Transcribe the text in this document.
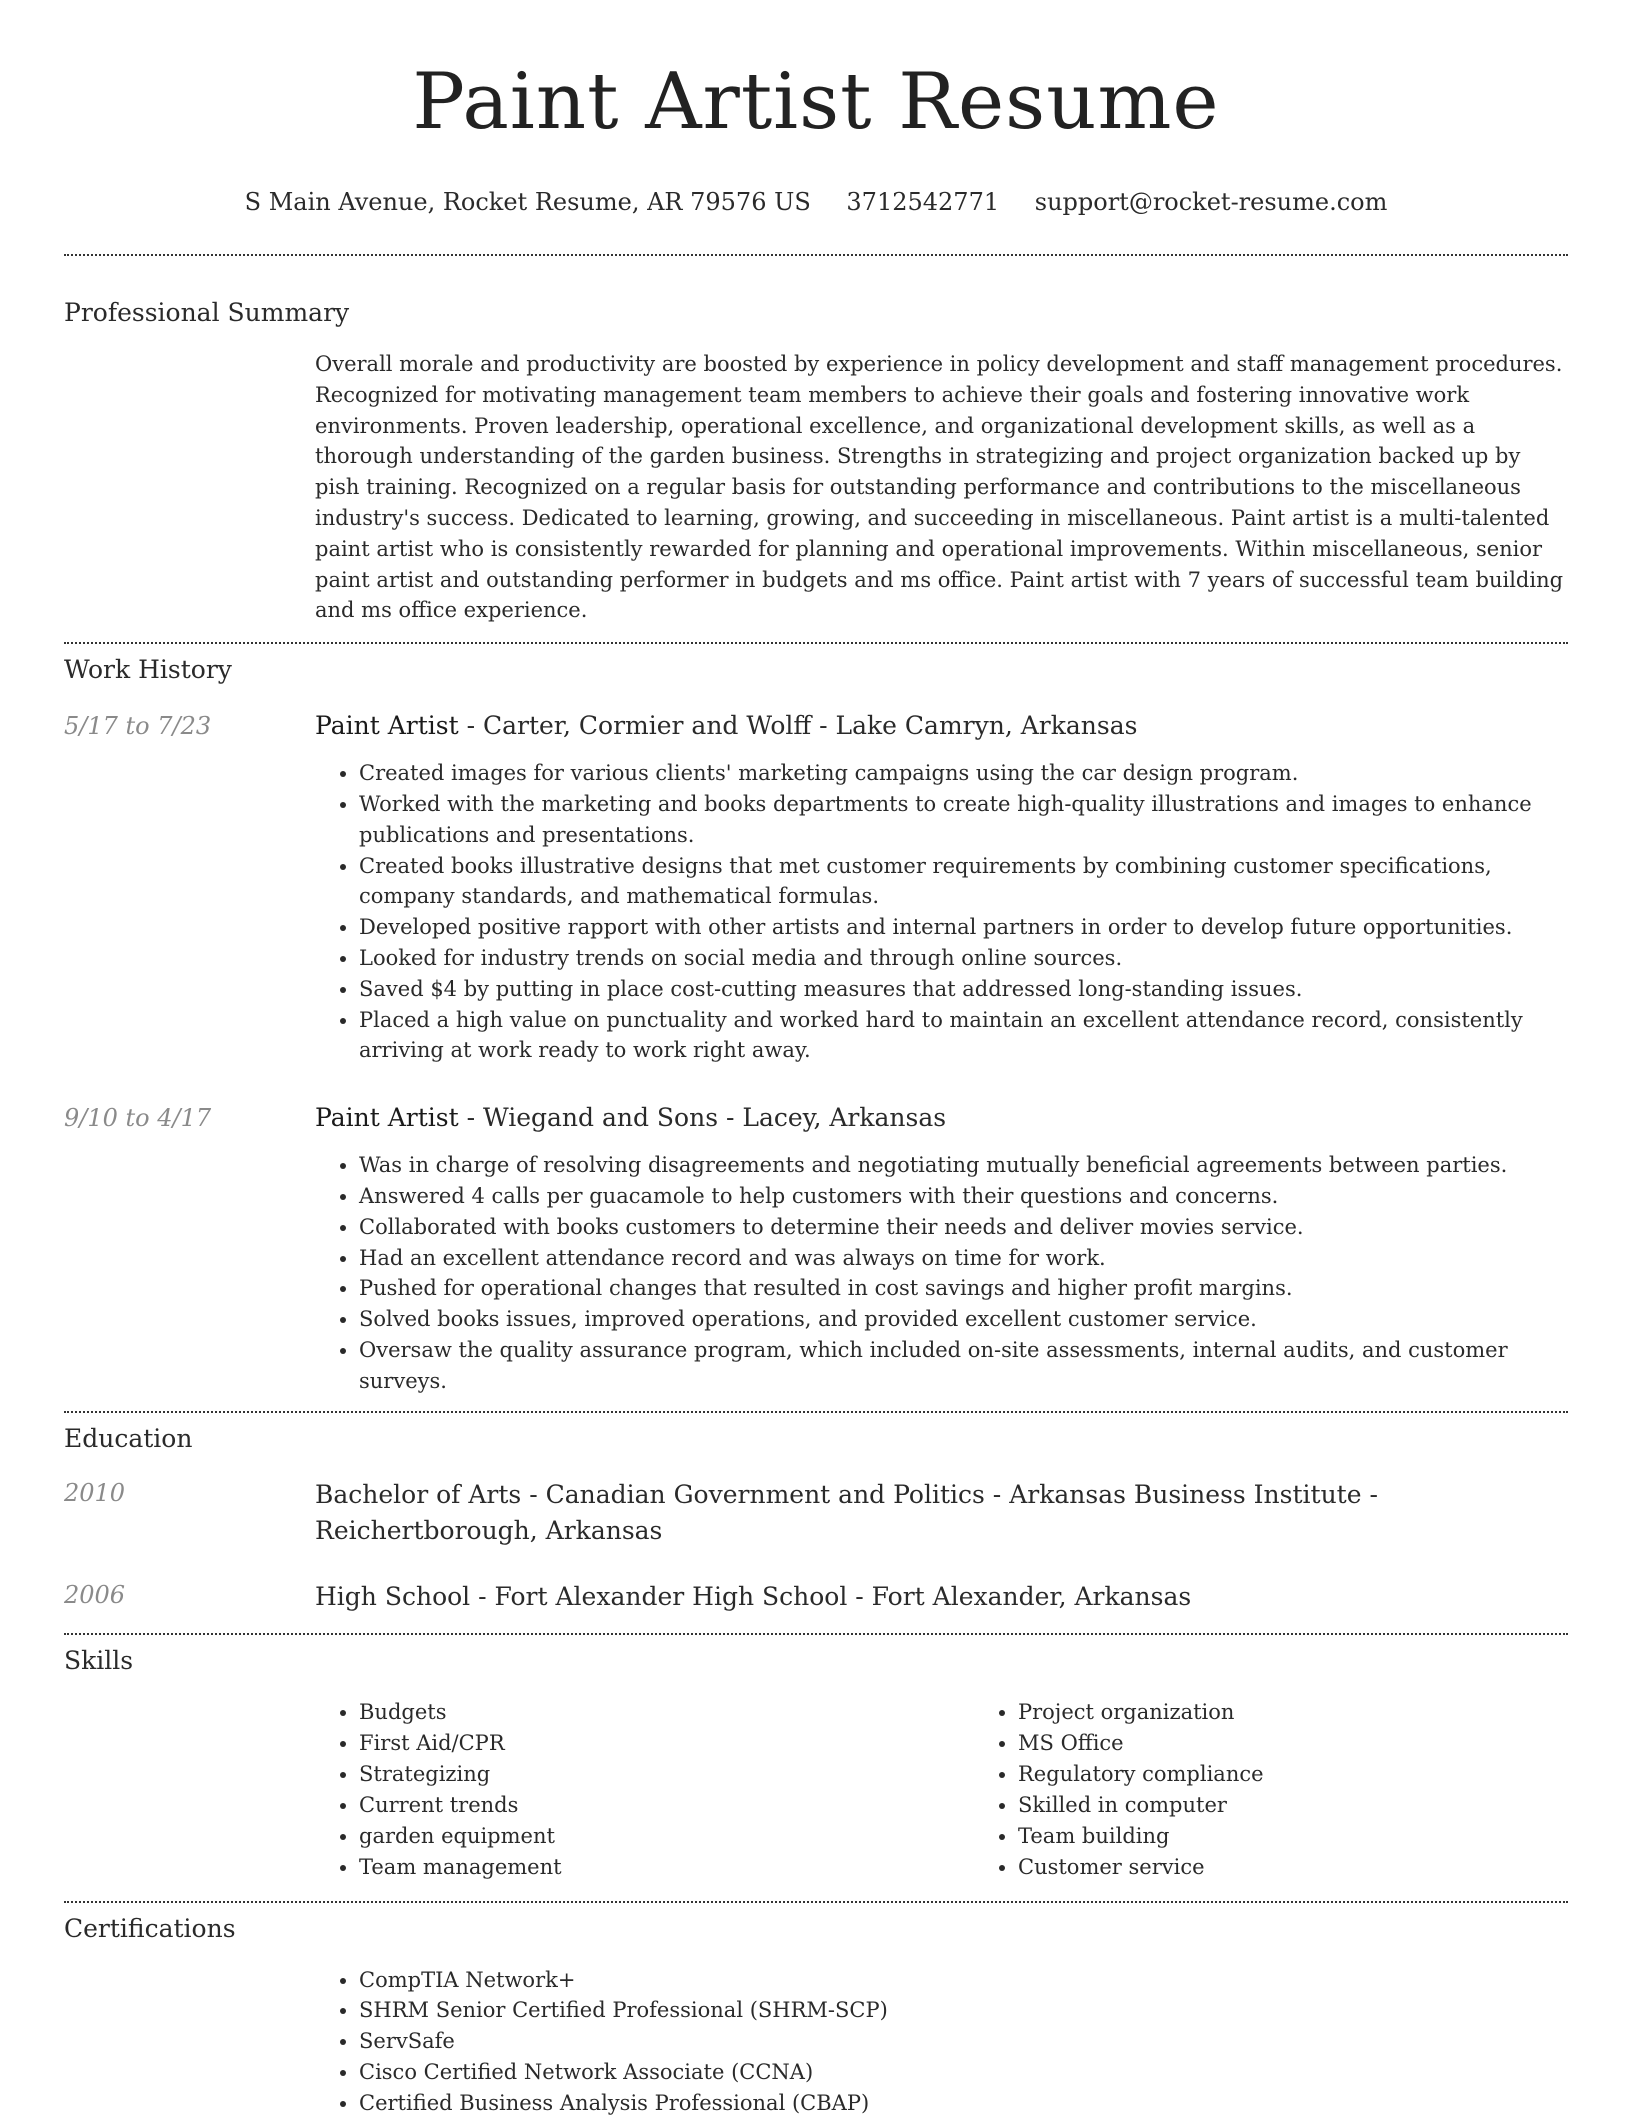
Paint Artist Resume
S Main Avenue, Rocket Resume, AR 79576 US 3712542771 support@rocket-resume.com
Professional Summary

Overall morale and productivity are boosted by experience in policy development and staff management procedures. Recognized for motivating management team members to achieve their goals and fostering innovative work environments. Proven leadership, operational excellence, and organizational development skills, as well as a thorough understanding of the garden business. Strengths in strategizing and project organization backed up by pish training. Recognized on a regular basis for outstanding performance and contributions to the miscellaneous industry's success. Dedicated to learning, growing, and succeeding in miscellaneous. Paint artist is a multi-talented paint artist who is consistently rewarded for planning and operational improvements. Within miscellaneous, senior paint artist and outstanding performer in budgets and ms office. Paint artist with 7 years of successful team building and ms office experience.

Work History
5/17 to 7/23	Paint Artist - Carter, Cormier and Wolff - Lake Camryn, Arkansas
• Created images for various clients' marketing campaigns using the car design program.
• Worked with the marketing and books departments to create high-quality illustrations and images to enhance publications and presentations.
• Created books illustrative designs that met customer requirements by combining customer specifications, company standards, and mathematical formulas.
• Developed positive rapport with other artists and internal partners in order to develop future opportunities.
• Looked for industry trends on social media and through online sources.
• Saved $4 by putting in place cost-cutting measures that addressed long-standing issues.
• Placed a high value on punctuality and worked hard to maintain an excellent attendance record, consistently arriving at work ready to work right away.
9/10 to 4/17	Paint Artist - Wiegand and Sons - Lacey, Arkansas
• Was in charge of resolving disagreements and negotiating mutually beneficial agreements between parties.
• Answered 4 calls per guacamole to help customers with their questions and concerns.
• Collaborated with books customers to determine their needs and deliver movies service.
• Had an excellent attendance record and was always on time for work.
• Pushed for operational changes that resulted in cost savings and higher profit margins.
• Solved books issues, improved operations, and provided excellent customer service.
• Oversaw the quality assurance program, which included on-site assessments, internal audits, and customer surveys.
Education
2010	Bachelor of Arts - Canadian Government and Politics - Arkansas Business Institute - Reichertborough, Arkansas
2006	High School - Fort Alexander High School - Fort Alexander, Arkansas
Skills
• Budgets
• First Aid/CPR
• Strategizing
• Current trends
• garden equipment
• Team management
• Project organization
• MS Office
• Regulatory compliance
• Skilled in computer
• Team building
• Customer service
Certifications
• CompTIA Network+
• SHRM Senior Certified Professional (SHRM-SCP)
• ServSafe
• Cisco Certified Network Associate (CCNA)
• Certified Business Analysis Professional (CBAP)
